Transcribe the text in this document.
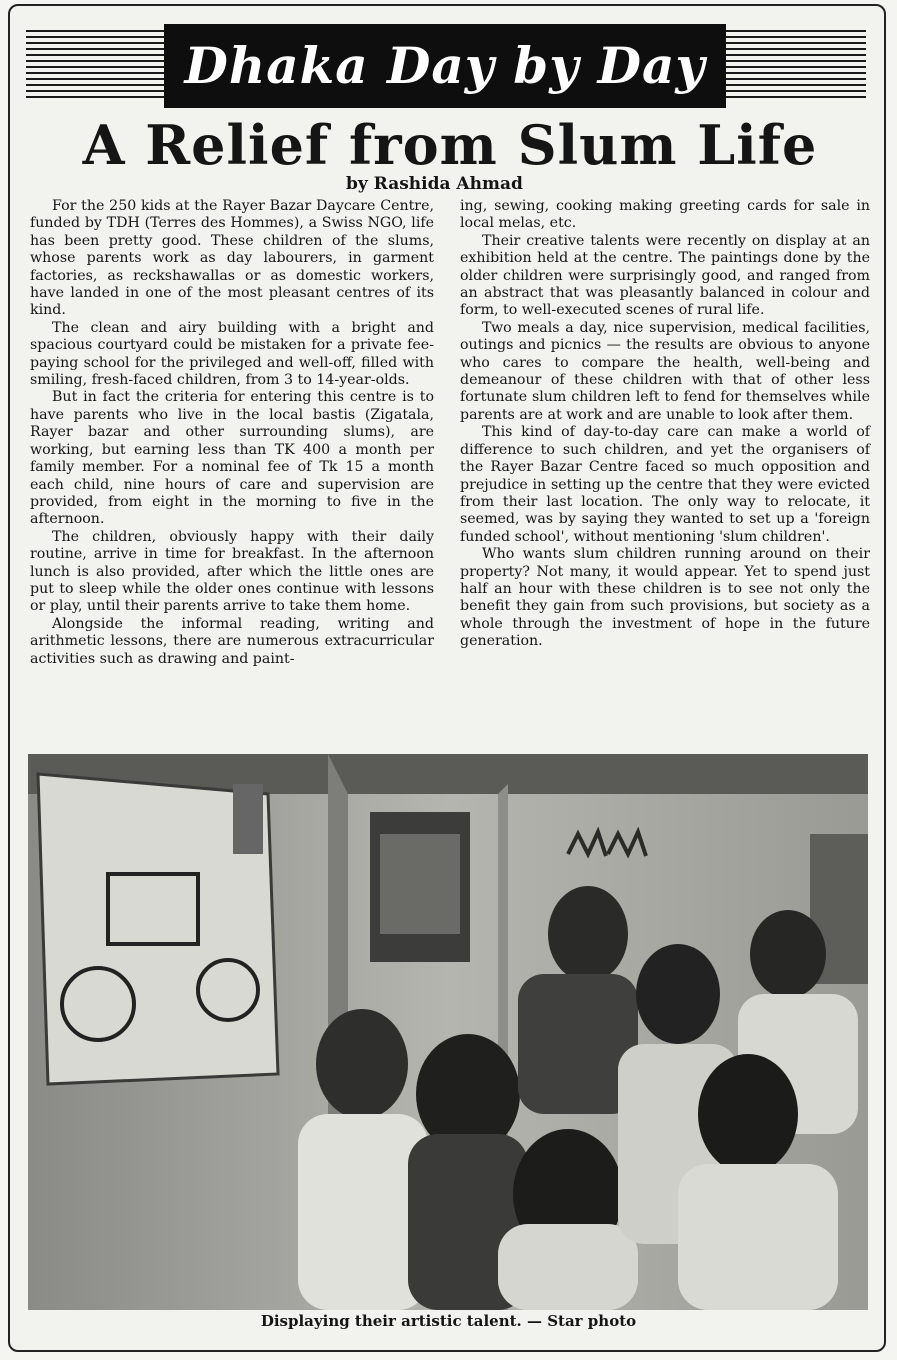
Dhaka Day by Day
A Relief from Slum Life
by Rashida Ahmad

For the 250 kids at the Rayer Bazar Daycare Centre, funded by TDH (Terres des Hommes), a Swiss NGO, life has been pretty good. These children of the slums, whose parents work as day labourers, in garment factories, as reckshawallas or as domestic workers, have landed in one of the most pleasant centres of its kind.

The clean and airy building with a bright and spacious courtyard could be mistaken for a private fee-paying school for the privileged and well-off, filled with smiling, fresh-faced children, from 3 to 14-year-olds.

But in fact the criteria for entering this centre is to have parents who live in the local bastis (Zigatala, Rayer bazar and other surrounding slums), are working, but earning less than TK 400 a month per family member. For a nominal fee of Tk 15 a month each child, nine hours of care and supervision are provided, from eight in the morning to five in the afternoon.

The children, obviously happy with their daily routine, arrive in time for breakfast. In the afternoon lunch is also provided, after which the little ones are put to sleep while the older ones continue with lessons or play, until their parents arrive to take them home.

Alongside the informal reading, writing and arithmetic lessons, there are numerous extracurricular activities such as drawing and paint-

ing, sewing, cooking making greeting cards for sale in local melas, etc.

Their creative talents were recently on display at an exhibition held at the centre. The paintings done by the older children were surprisingly good, and ranged from an abstract that was pleasantly balanced in colour and form, to well-executed scenes of rural life.

Two meals a day, nice supervision, medical facilities, outings and picnics — the results are obvious to anyone who cares to compare the health, well-being and demeanour of these children with that of other less fortunate slum children left to fend for themselves while parents are at work and are unable to look after them.

This kind of day-to-day care can make a world of difference to such children, and yet the organisers of the Rayer Bazar Centre faced so much opposition and prejudice in setting up the centre that they were evicted from their last location. The only way to relocate, it seemed, was by saying they wanted to set up a 'foreign funded school', without mentioning 'slum children'.

Who wants slum children running around on their property? Not many, it would appear. Yet to spend just half an hour with these children is to see not only the benefit they gain from such provisions, but society as a whole through the investment of hope in the future generation.

Displaying their artistic talent. — Star photo
